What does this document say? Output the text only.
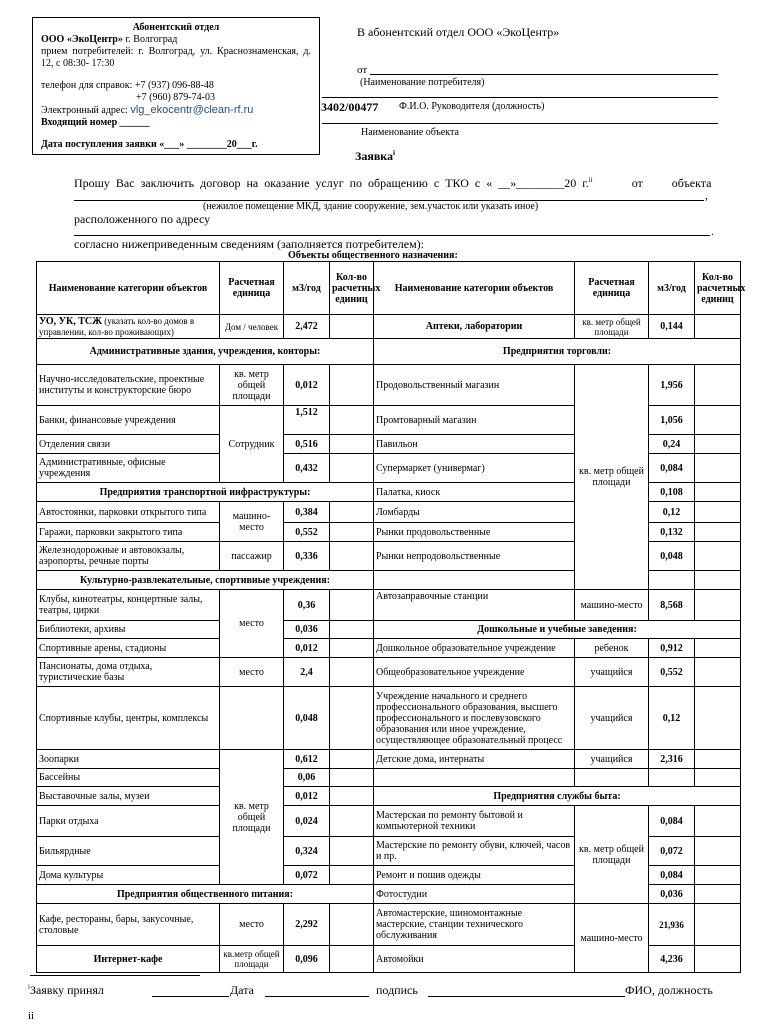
Абонентский отдел
ООО «ЭкоЦентр» г. Волгоград
прием потребителей: г. Волгоград, ул. Краснознаменская, д. 12, с 08:30- 17:30
телефон для справок: +7 (937) 096-88-48
+7 (960) 879-74-03
Электронный адрес: vlg_ekocentr@clean-rf.ru
Входящий номер ______
Дата поступления заявки «___» ________20___г.
В абонентский отдел ООО «ЭкоЦентр»
от
(Наименование потребителя)
3402/00477 Ф.И.О. Руководителя (должность)
Наименование объекта
Заявка$^i$
Прошу Вас заключить договор на оказание услуг по обращению с ТКО с « __»________20 г.$^{ii}$	от объекта
,
(нежилое помещение МКД, здание сооружение, зем.участок или указать иное)
расположенного по адресу
.
согласно нижеприведенным сведениям (заполняется потребителем):
Объекты общественного назначения:
Наименование категории объектов	Расчетная единица	м3/год	Кол-во расчетных единиц	Наименование категории объектов	Расчетная единица	м3/год	Кол-во расчетных единиц
УО, УК, ТСЖ (указать кол-во домов в управлении, кол-во проживающих)	Дом / человек	2,472		Аптеки, лаборатории	кв. метр общей площади	0,144	
Административные здания, учреждения, конторы:				Предприятия торговли:			
Научно-исследовательские, проектные институты и конструкторские бюро	кв. метр общей площади	0,012		Продовольственный магазин	кв. метр общей площади	1,956	
Банки, финансовые учреждения	Сотрудник	1,512		Промтоварный магазин		1,056	
Отделения связи		0,516		Павильон		0,24	
Административные, офисные учреждения		0,432		Супермаркет (универмаг)		0,084	
Предприятия транспортной инфраструктуры:				Палатка, киоск		0,108	
Автостоянки, парковки открытого типа	машино-место	0,384		Ломбарды		0,12	
Гаражи, парковки закрытого типа		0,552		Рынки продовольственные		0,132	
Железнодорожные и автовокзалы, аэропорты, речные порты	пассажир	0,336		Рынки непродовольственные		0,048	
Культурно-развлекательные, спортивные учреждения:							
Клубы, кинотеатры, концертные залы, театры, цирки	место	0,36		Автозаправочные станции	машино-место	8,568	
Библиотеки, архивы		0,036		Дошкольные и учебные заведения:			
Спортивные арены, стадионы		0,012		Дошкольное образовательное учреждение	ребенок	0,912	
Пансионаты, дома отдыха, туристические базы	место	2,4		Общеобразовательное учреждение	учащийся	0,552	
Спортивные клубы, центры, комплексы		0,048		Учреждение начального и среднего профессионального образования, высшего профессионального и послевузовского образования или иное учреждение, осуществляющее образовательный процесс	учащийся	0,12	
Зоопарки	кв. метр общей площади	0,612		Детские дома, интернаты	учащийся	2,316	
Бассейны		0,06					
Выставочные залы, музеи		0,012		Предприятия службы быта:			
Парки отдыха		0,024		Мастерская по ремонту бытовой и компьютерной техники	кв. метр общей площади	0,084	
Бильярдные		0,324		Мастерские по ремонту обуви, ключей, часов и пр.		0,072	
Дома культуры		0,072		Ремонт и пошив одежды		0,084	
Предприятия общественного питания:				Фотостудии		0,036	
Кафе, рестораны, бары, закусочные, столовые	место	2,292		Автомастерские, шиномонтажные мастерские, станции технического обслуживания	машино-место	21,936	
Интернет-кафе	кв.метр общей площади	0,096		Автомойки		4,236	
$^i$Заявку принял	Дата	подпись	ФИО, должность
ii
